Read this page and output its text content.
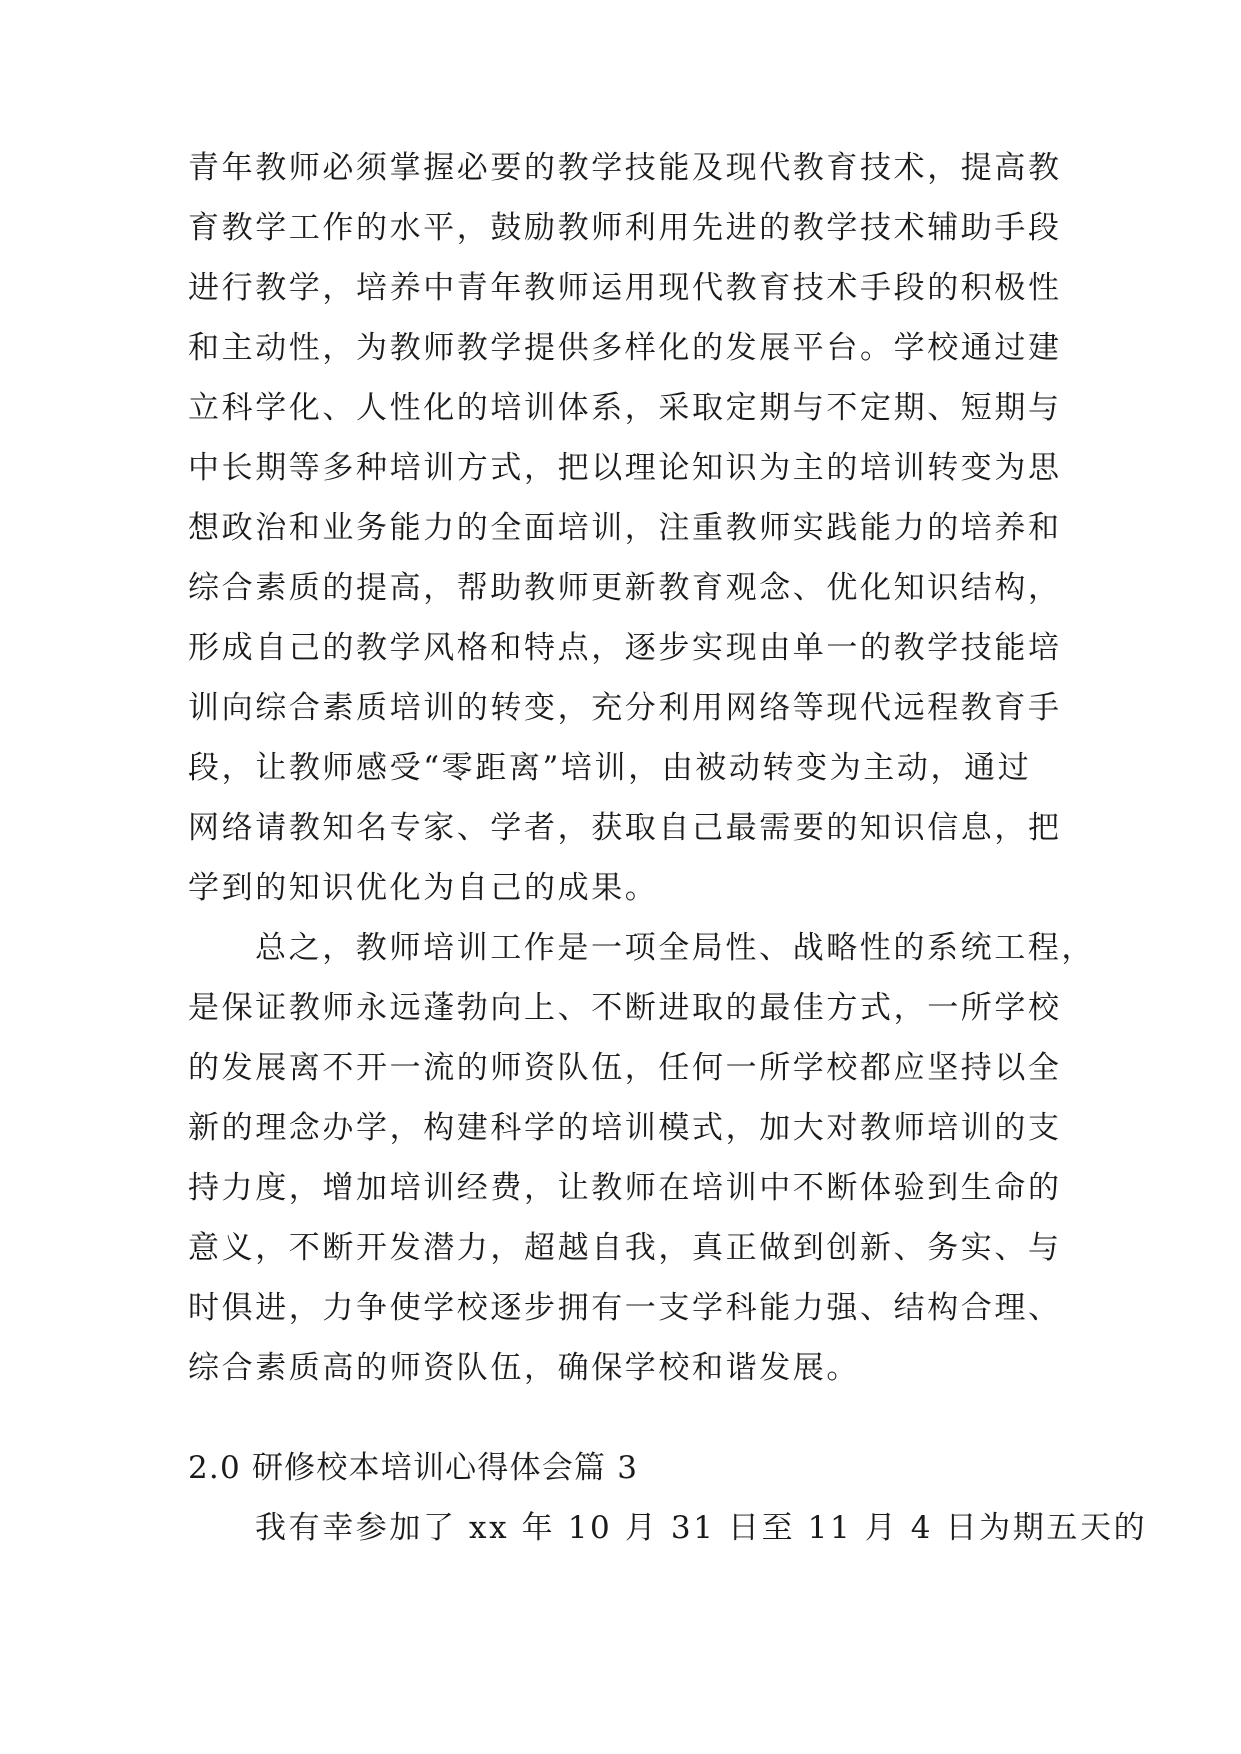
青年教师必须掌握必要的教学技能及现代教育技术，提高教
育教学工作的水平，鼓励教师利用先进的教学技术辅助手段
进行教学，培养中青年教师运用现代教育技术手段的积极性
和主动性，为教师教学提供多样化的发展平台。学校通过建
立科学化、人性化的培训体系，采取定期与不定期、短期与
中长期等多种培训方式，把以理论知识为主的培训转变为思
想政治和业务能力的全面培训，注重教师实践能力的培养和
综合素质的提高，帮助教师更新教育观念、优化知识结构，
形成自己的教学风格和特点，逐步实现由单一的教学技能培
训向综合素质培训的转变，充分利用网络等现代远程教育手
段，让教师感受“零距离”培训，由被动转变为主动，通过
网络请教知名专家、学者，获取自己最需要的知识信息，把
学到的知识优化为自己的成果。
总之，教师培训工作是一项全局性、战略性的系统工程，
是保证教师永远蓬勃向上、不断进取的最佳方式，一所学校
的发展离不开一流的师资队伍，任何一所学校都应坚持以全
新的理念办学，构建科学的培训模式，加大对教师培训的支
持力度，增加培训经费，让教师在培训中不断体验到生命的
意义，不断开发潜力，超越自我，真正做到创新、务实、与
时俱进，力争使学校逐步拥有一支学科能力强、结构合理、
综合素质高的师资队伍，确保学校和谐发展。
2.0 研修校本培训心得体会篇 3
我有幸参加了 xx 年 10 月 31 日至 11 月 4 日为期五天的
